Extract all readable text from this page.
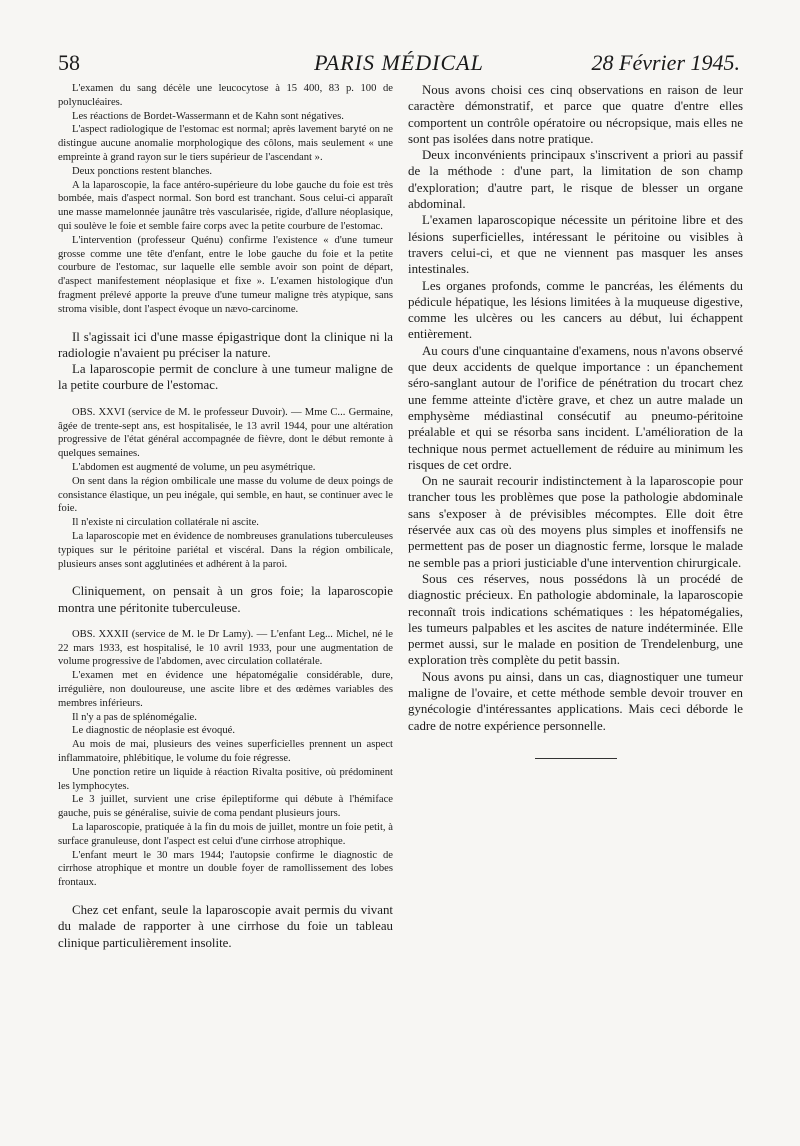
58	PARIS MÉDICAL	28 Février 1945.

L'examen du sang décèle une leucocytose à 15 400, 83 p. 100 de polynucléaires.

Les réactions de Bordet-Wassermann et de Kahn sont négatives.

L'aspect radiologique de l'estomac est normal; après lavement baryté on ne distingue aucune anomalie morphologique des côlons, mais seulement « une empreinte à grand rayon sur le tiers supérieur de l'ascendant ».

Deux ponctions restent blanches.

A la laparoscopie, la face antéro-supérieure du lobe gauche du foie est très bombée, mais d'aspect normal. Son bord est tranchant. Sous celui-ci apparaît une masse mamelonnée jaunâtre très vascularisée, rigide, d'allure néoplasique, qui soulève le foie et semble faire corps avec la petite courbure de l'estomac.

L'intervention (professeur Quénu) confirme l'existence « d'une tumeur grosse comme une tête d'enfant, entre le lobe gauche du foie et la petite courbure de l'estomac, sur laquelle elle semble avoir son point de départ, d'aspect manifestement néoplasique et fixe ». L'examen histologique d'un fragment prélevé apporte la preuve d'une tumeur maligne très atypique, sans stroma visible, dont l'aspect évoque un nævo-carcinome.

Il s'agissait ici d'une masse épigastrique dont la clinique ni la radiologie n'avaient pu préciser la nature.

La laparoscopie permit de conclure à une tumeur maligne de la petite courbure de l'estomac.

OBS. XXVI (service de M. le professeur Duvoir). — Mme C... Germaine, âgée de trente-sept ans, est hospitalisée, le 13 avril 1944, pour une altération progressive de l'état général accompagnée de fièvre, dont le début remonte à quelques semaines.

L'abdomen est augmenté de volume, un peu asymétrique.

On sent dans la région ombilicale une masse du volume de deux poings de consistance élastique, un peu inégale, qui semble, en haut, se continuer avec le foie.

Il n'existe ni circulation collatérale ni ascite.

La laparoscopie met en évidence de nombreuses granulations tuberculeuses typiques sur le péritoine pariétal et viscéral. Dans la région ombilicale, plusieurs anses sont agglutinées et adhérent à la paroi.

Cliniquement, on pensait à un gros foie; la laparoscopie montra une péritonite tuberculeuse.

OBS. XXXII (service de M. le Dr Lamy). — L'enfant Leg... Michel, né le 22 mars 1933, est hospitalisé, le 10 avril 1933, pour une augmentation de volume progressive de l'abdomen, avec circulation collatérale.

L'examen met en évidence une hépatomégalie considérable, dure, irrégulière, non douloureuse, une ascite libre et des œdèmes variables des membres inférieurs.

Il n'y a pas de splénomégalie.

Le diagnostic de néoplasie est évoqué.

Au mois de mai, plusieurs des veines superficielles prennent un aspect inflammatoire, phlébitique, le volume du foie régresse.

Une ponction retire un liquide à réaction Rivalta positive, où prédominent les lymphocytes.

Le 3 juillet, survient une crise épileptiforme qui débute à l'hémiface gauche, puis se généralise, suivie de coma pendant plusieurs jours.

La laparoscopie, pratiquée à la fin du mois de juillet, montre un foie petit, à surface granuleuse, dont l'aspect est celui d'une cirrhose atrophique.

L'enfant meurt le 30 mars 1944; l'autopsie confirme le diagnostic de cirrhose atrophique et montre un double foyer de ramollissement des lobes frontaux.

Chez cet enfant, seule la laparoscopie avait permis du vivant du malade de rapporter à une cirrhose du foie un tableau clinique particulièrement insolite.

Nous avons choisi ces cinq observations en raison de leur caractère démonstratif, et parce que quatre d'entre elles comportent un contrôle opératoire ou nécropsique, mais elles ne sont pas isolées dans notre pratique.

Deux inconvénients principaux s'inscrivent a priori au passif de la méthode : d'une part, la limitation de son champ d'exploration; d'autre part, le risque de blesser un organe abdominal.

L'examen laparoscopique nécessite un péritoine libre et des lésions superficielles, intéressant le péritoine ou visibles à travers celui-ci, et que ne viennent pas masquer les anses intestinales.

Les organes profonds, comme le pancréas, les éléments du pédicule hépatique, les lésions limitées à la muqueuse digestive, comme les ulcères ou les cancers au début, lui échappent entièrement.

Au cours d'une cinquantaine d'examens, nous n'avons observé que deux accidents de quelque importance : un épanchement séro-sanglant autour de l'orifice de pénétration du trocart chez une femme atteinte d'ictère grave, et chez un autre malade un emphysème médiastinal consécutif au pneumo-péritoine préalable et qui se résorba sans incident. L'amélioration de la technique nous permet actuellement de réduire au minimum les risques de cet ordre.

On ne saurait recourir indistinctement à la laparoscopie pour trancher tous les problèmes que pose la pathologie abdominale sans s'exposer à de prévisibles mécomptes. Elle doit être réservée aux cas où des moyens plus simples et inoffensifs ne permettent pas de poser un diagnostic ferme, lorsque le malade ne semble pas a priori justiciable d'une intervention chirurgicale.

Sous ces réserves, nous possédons là un procédé de diagnostic précieux. En pathologie abdominale, la laparoscopie reconnaît trois indications schématiques : les hépatomégalies, les tumeurs palpables et les ascites de nature indéterminée. Elle permet aussi, sur le malade en position de Trendelenburg, une exploration très complète du petit bassin.

Nous avons pu ainsi, dans un cas, diagnostiquer une tumeur maligne de l'ovaire, et cette méthode semble devoir trouver en gynécologie d'intéressantes applications. Mais ceci déborde le cadre de notre expérience personnelle.
